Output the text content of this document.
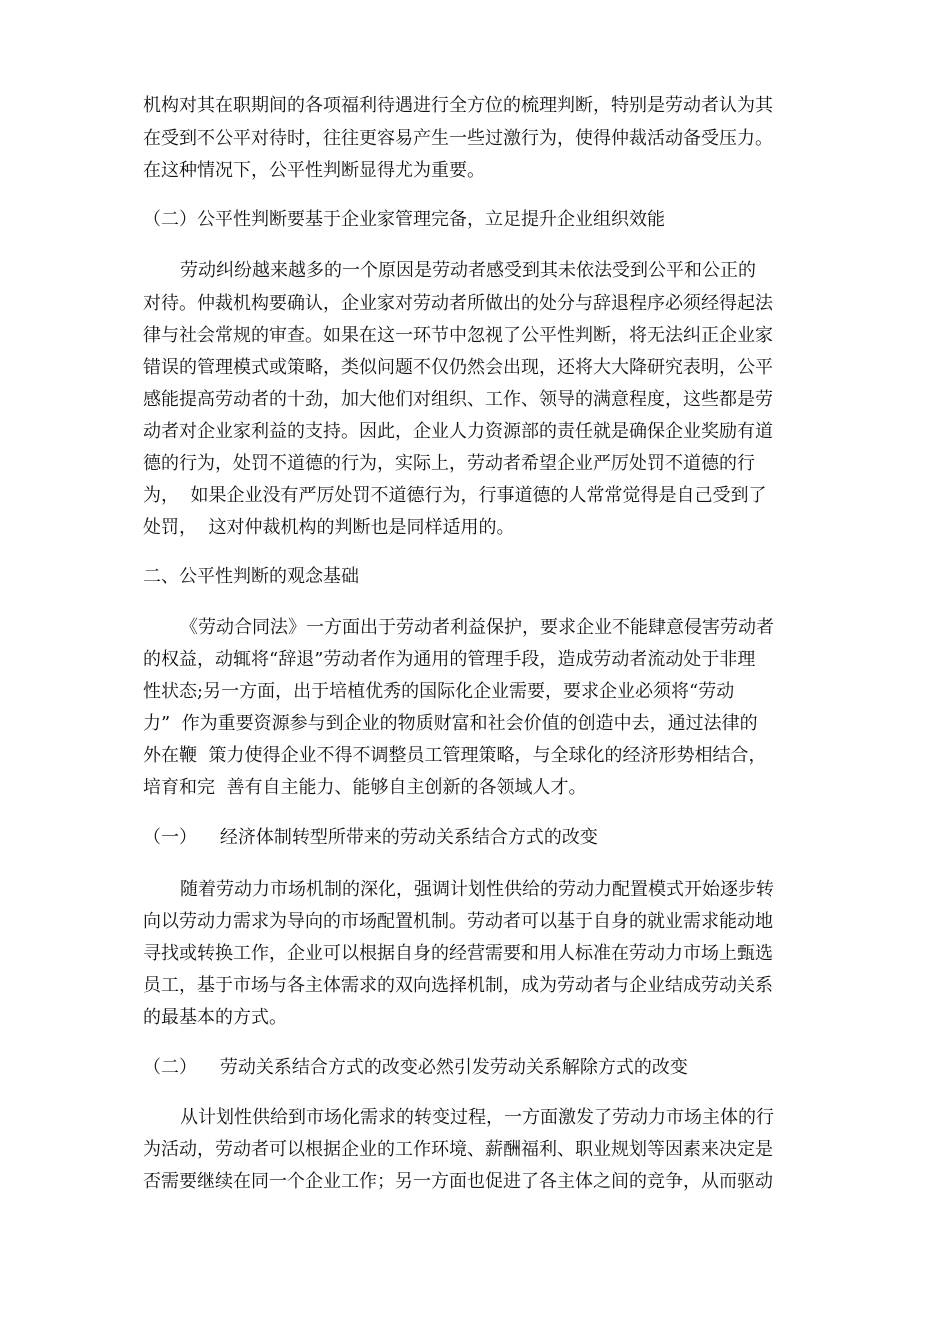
机构对其在职期间的各项福利待遇进行全方位的梳理判断，特别是劳动者认为其
在受到不公平对待时，往往更容易产生一些过激行为，使得仲裁活动备受压力。
在这种情况下，公平性判断显得尤为重要。
（二）公平性判断要基于企业家管理完备，立足提升企业组织效能
劳动纠纷越来越多的一个原因是劳动者感受到其未依法受到公平和公正的
对待。仲裁机构要确认，企业家对劳动者所做出的处分与辞退程序必须经得起法
律与社会常规的审查。如果在这一环节中忽视了公平性判断，将无法纠正企业家
错误的管理模式或策略，类似问题不仅仍然会出现，还将大大降研究表明，公平
感能提高劳动者的十劲，加大他们对组织、工作、领导的满意程度，这些都是劳
动者对企业家利益的支持。因此，企业人力资源部的责任就是确保企业奖励有道
德的行为，处罚不道德的行为，实际上，劳动者希望企业严厉处罚不道德的行
为，  如果企业没有严厉处罚不道德行为，行事道德的人常常觉得是自己受到了
处罚，  这对仲裁机构的判断也是同样适用的。
二、公平性判断的观念基础
《劳动合同法》一方面出于劳动者利益保护，要求企业不能肆意侵害劳动者
的权益，动辄将“辞退”劳动者作为通用的管理手段，造成劳动者流动处于非理
性状态;另一方面，出于培植优秀的国际化企业需要，要求企业必须将“劳动
力”  作为重要资源参与到企业的物质财富和社会价值的创造中去，通过法律的
外在鞭  策力使得企业不得不调整员工管理策略，与全球化的经济形势相结合，
培育和完  善有自主能力、能够自主创新的各领域人才。
（一）    经济体制转型所带来的劳动关系结合方式的改变
随着劳动力市场机制的深化，强调计划性供给的劳动力配置模式开始逐步转
向以劳动力需求为导向的市场配置机制。劳动者可以基于自身的就业需求能动地
寻找或转换工作，企业可以根据自身的经营需要和用人标准在劳动力市场上甄选
员工，基于市场与各主体需求的双向选择机制，成为劳动者与企业结成劳动关系
的最基本的方式。
（二）    劳动关系结合方式的改变必然引发劳动关系解除方式的改变
从计划性供给到市场化需求的转变过程，一方面激发了劳动力市场主体的行
为活动，劳动者可以根据企业的工作环境、薪酬福利、职业规划等因素来决定是
否需要继续在同一个企业工作；另一方面也促进了各主体之间的竞争，从而驱动
